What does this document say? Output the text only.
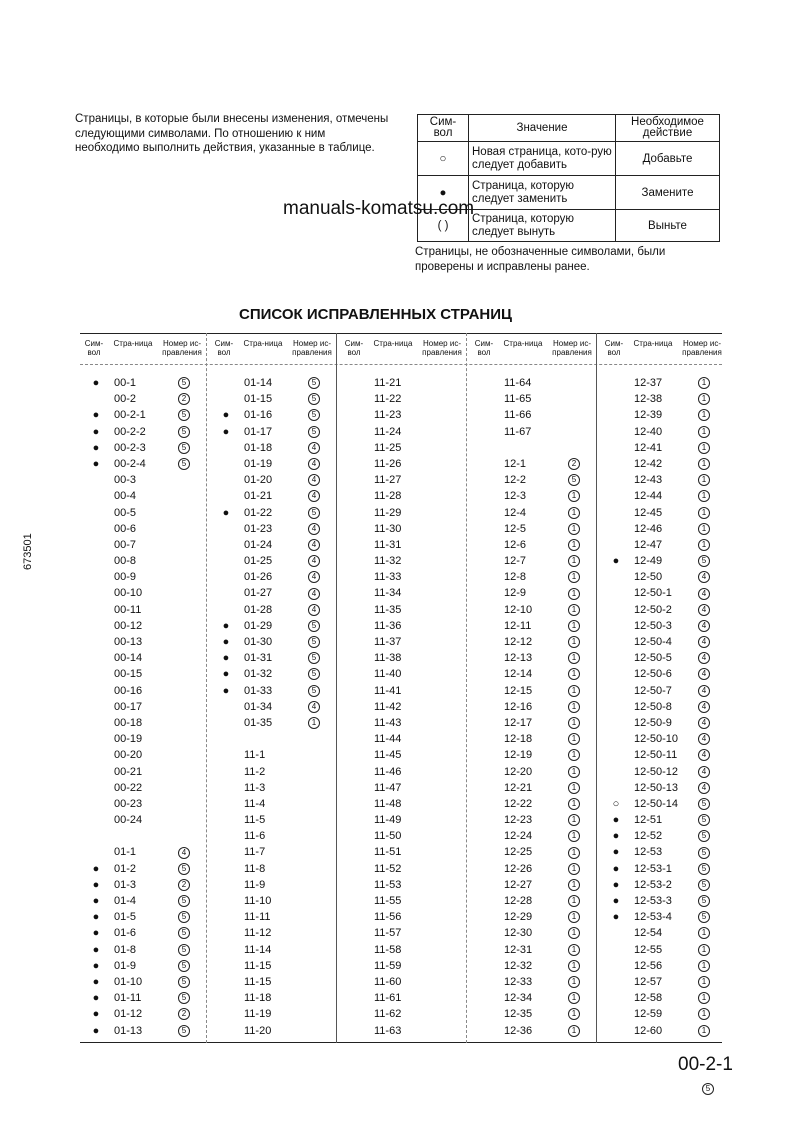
Страницы, в которые были внесены изменения, отмечены следующими символами. По отношению к ним необходимо выполнить действия, указанные в таблице.
Сим-вол	Значение	Необходимое действие
○	Новая страница, кото-рую следует добавить	Добавьте
●	Страница, которую следует заменить	Замените
( )	Страница, которую следует вынуть	Выньте
manuals-komatsu.com
Страницы, не обозначенные символами, были проверены и исправлены ранее.
673501
СПИСОК ИСПРАВЛЕННЫХ СТРАНИЦ
Сим-вол
Стра-ница	Номер ис-правления
●	00-1	5
00-2	2
●	00-2-1	5
●	00-2-2	5
●	00-2-3	5
●	00-2-4	5
00-3
00-4
00-5
00-6
00-7
00-8
00-9
00-10
00-11
00-12
00-13
00-14
00-15
00-16
00-17
00-18
00-19
00-20
00-21
00-22
00-23
00-24
01-1	4
●	01-2	5
●	01-3	2
●	01-4	5
●	01-5	5
●	01-6	5
●	01-8	5
●	01-9	5
●	01-10	5
●	01-11	5
●	01-12	2
●	01-13	5
Сим-вол
Стра-ница	Номер ис-правления
01-14	5
01-15	5
●	01-16	5
●	01-17	5
01-18	4
01-19	4
01-20	4
01-21	4
●	01-22	5
01-23	4
01-24	4
01-25	4
01-26	4
01-27	4
01-28	4
●	01-29	5
●	01-30	5
●	01-31	5
●	01-32	5
●	01-33	5
01-34	4
01-35	1
11-1
11-2
11-3
11-4
11-5
11-6
11-7
11-8
11-9
11-10
11-11
11-12
11-14
11-15
11-15
11-18
11-19
11-20
Сим-вол
Стра-ница	Номер ис-правления
11-21
11-22
11-23
11-24
11-25
11-26
11-27
11-28
11-29
11-30
11-31
11-32
11-33
11-34
11-35
11-36
11-37
11-38
11-40
11-41
11-42
11-43
11-44
11-45
11-46
11-47
11-48
11-49
11-50
11-51
11-52
11-53
11-55
11-56
11-57
11-58
11-59
11-60
11-61
11-62
11-63
Сим-вол
Стра-ница	Номер ис-правления
11-64
11-65
11-66
11-67
12-1	2
12-2	5
12-3	1
12-4	1
12-5	1
12-6	1
12-7	1
12-8	1
12-9	1
12-10	1
12-11	1
12-12	1
12-13	1
12-14	1
12-15	1
12-16	1
12-17	1
12-18	1
12-19	1
12-20	1
12-21	1
12-22	1
12-23	1
12-24	1
12-25	1
12-26	1
12-27	1
12-28	1
12-29	1
12-30	1
12-31	1
12-32	1
12-33	1
12-34	1
12-35	1
12-36	1
Сим-вол
Стра-ница	Номер ис-правления
12-37	1
12-38	1
12-39	1
12-40	1
12-41	1
12-42	1
12-43	1
12-44	1
12-45	1
12-46	1
12-47	1
●	12-49	5
12-50	4
12-50-1	4
12-50-2	4
12-50-3	4
12-50-4	4
12-50-5	4
12-50-6	4
12-50-7	4
12-50-8	4
12-50-9	4
12-50-10	4
12-50-11	4
12-50-12	4
12-50-13	4
○	12-50-14	5
●	12-51	5
●	12-52	5
●	12-53	5
●	12-53-1	5
●	12-53-2	5
●	12-53-3	5
●	12-53-4	5
12-54	1
12-55	1
12-56	1
12-57	1
12-58	1
12-59	1
12-60	1
00-2-1
5
